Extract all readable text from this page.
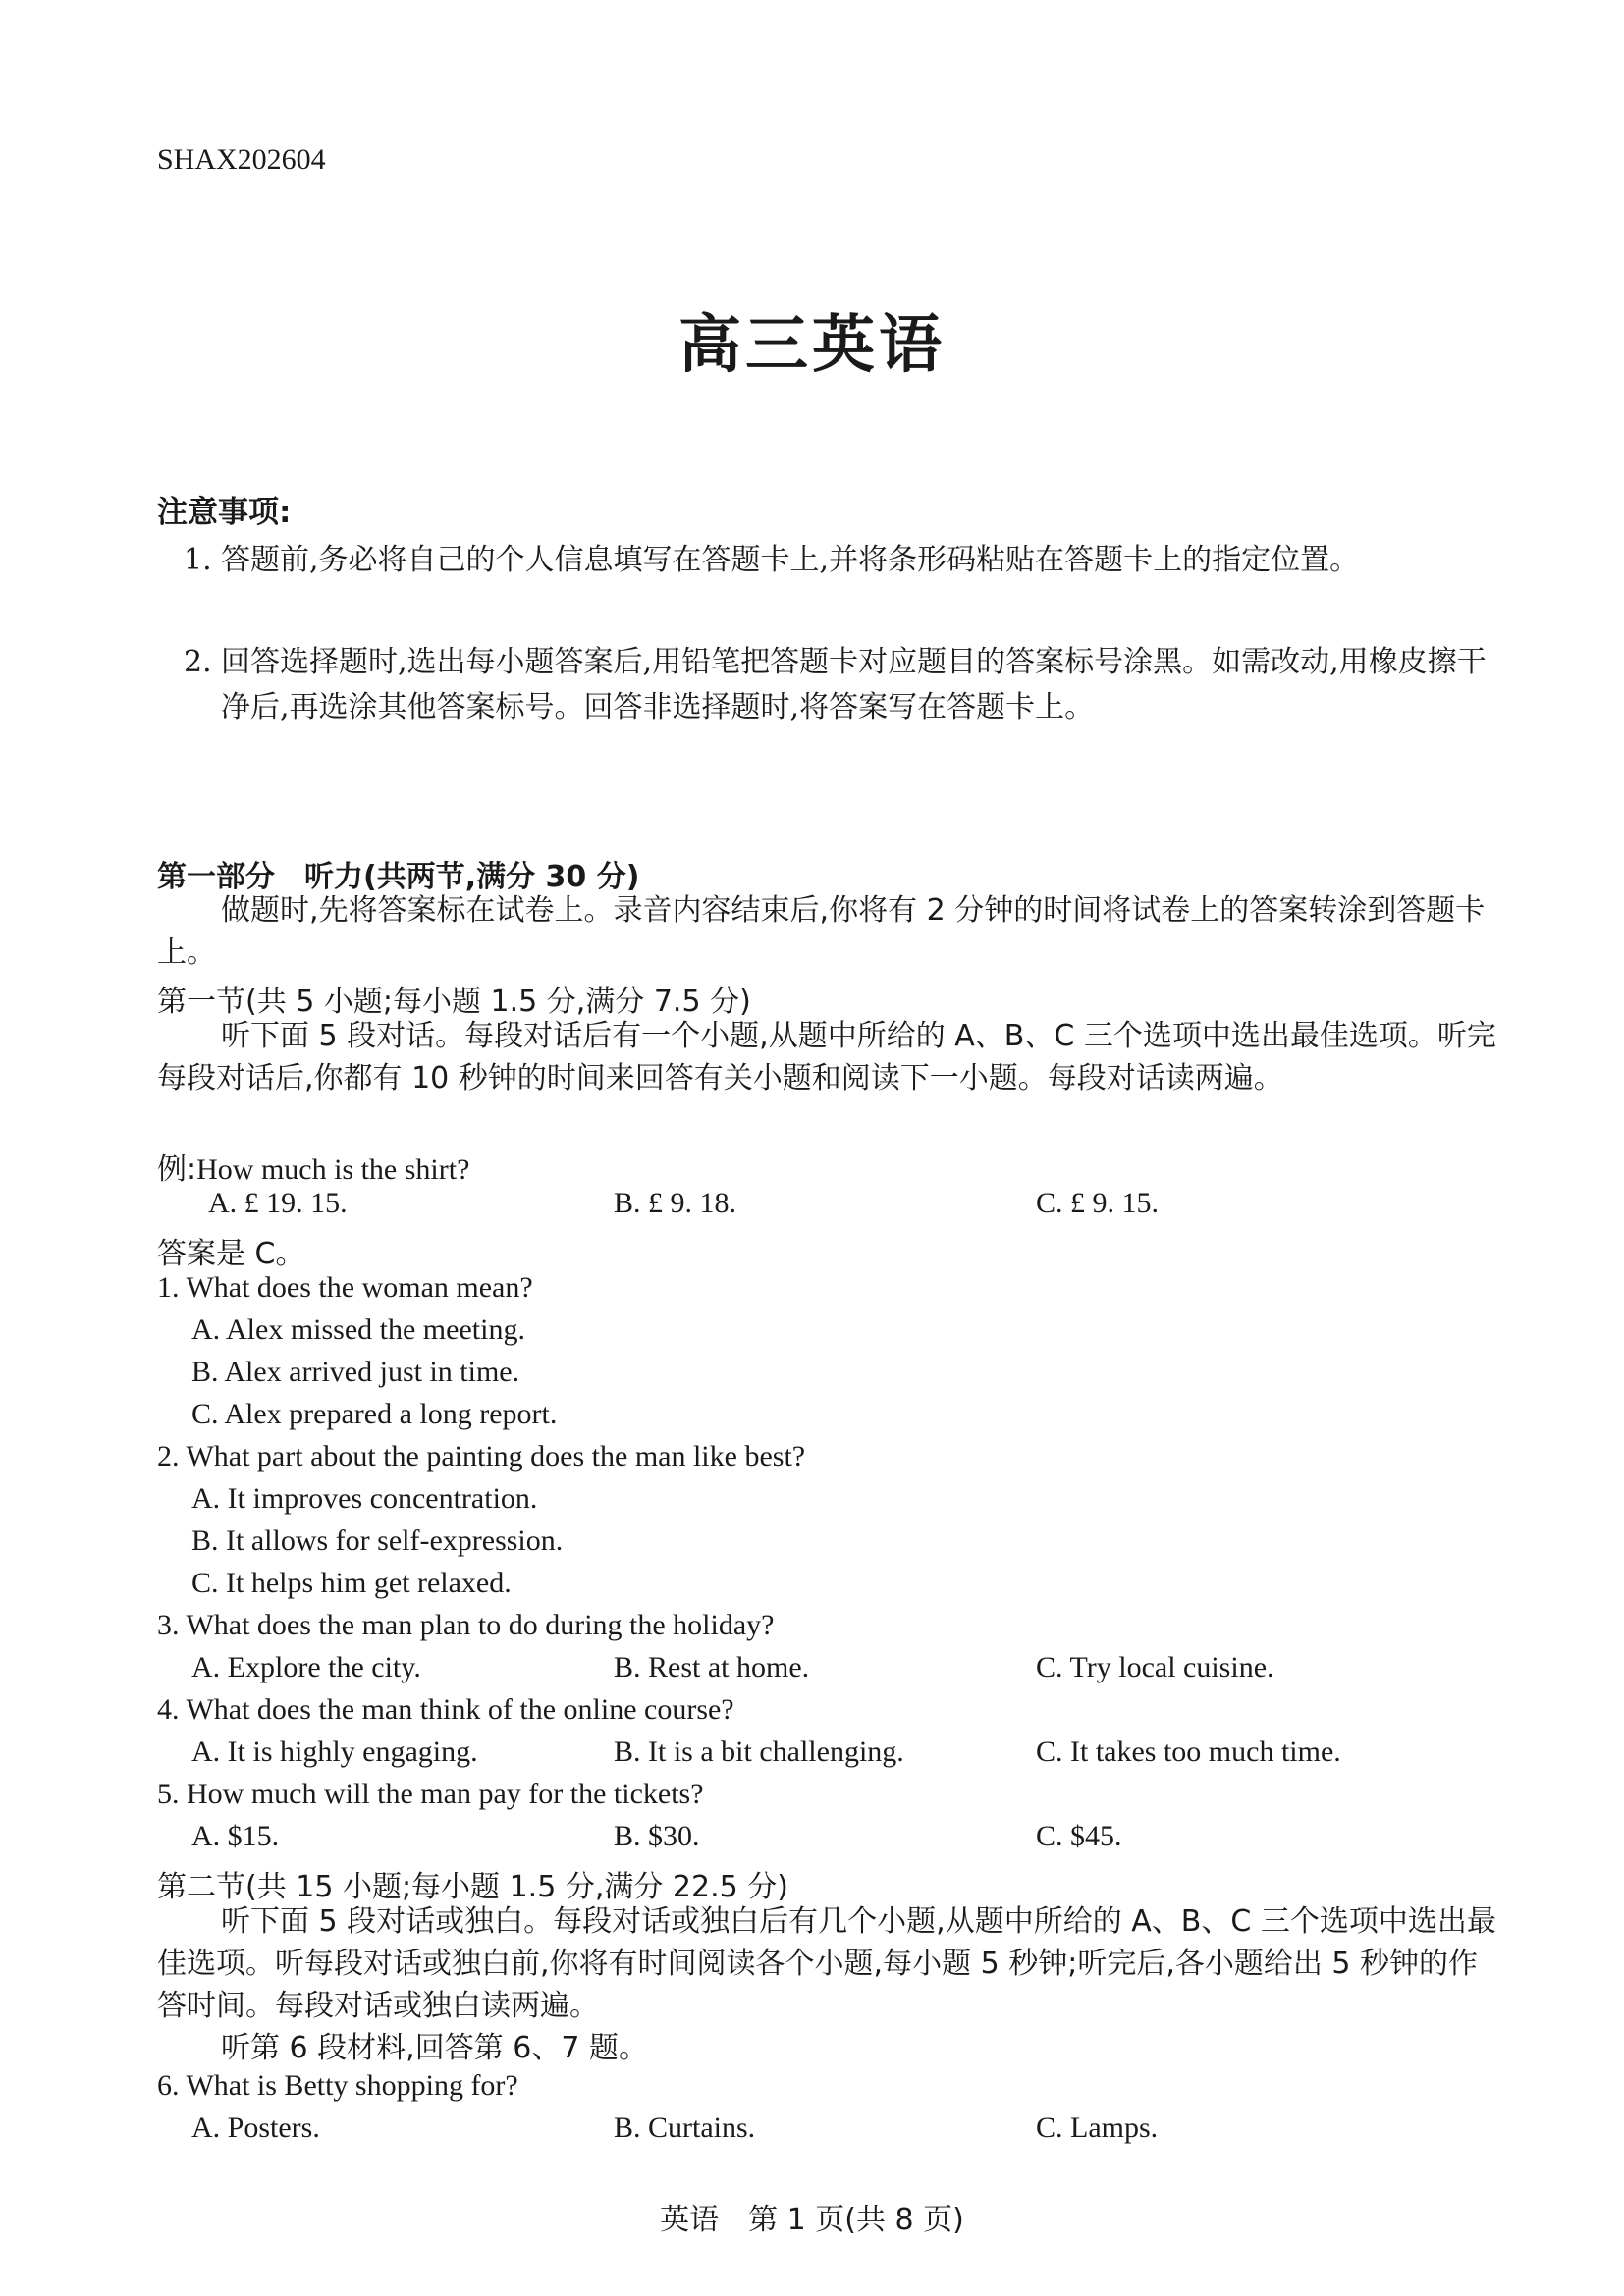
SHAX202604
高三英语
注意事项:
1. 答题前,务必将自己的个人信息填写在答题卡上,并将条形码粘贴在答题卡上的指定位置。
2. 回答选择题时,选出每小题答案后,用铅笔把答题卡对应题目的答案标号涂黑。如需改动,用橡皮擦干净后,再选涂其他答案标号。回答非选择题时,将答案写在答题卡上。
第一部分　听力(共两节,满分 30 分)
做题时,先将答案标在试卷上。录音内容结束后,你将有 2 分钟的时间将试卷上的答案转涂到答题卡上。
第一节(共 5 小题;每小题 1.5 分,满分 7.5 分)
听下面 5 段对话。每段对话后有一个小题,从题中所给的 A、B、C 三个选项中选出最佳选项。听完每段对话后,你都有 10 秒钟的时间来回答有关小题和阅读下一小题。每段对话读两遍。
例:How much is the shirt?
A. £ 19. 15.	B. £ 9. 18.	C. £ 9. 15.
答案是 C。
1. What does the woman mean?
A. Alex missed the meeting.
B. Alex arrived just in time.
C. Alex prepared a long report.
2. What part about the painting does the man like best?
A. It improves concentration.
B. It allows for self-expression.
C. It helps him get relaxed.
3. What does the man plan to do during the holiday?
A. Explore the city.	B. Rest at home.	C. Try local cuisine.
4. What does the man think of the online course?
A. It is highly engaging.	B. It is a bit challenging.	C. It takes too much time.
5. How much will the man pay for the tickets?
A. $15.	B. $30.	C. $45.
第二节(共 15 小题;每小题 1.5 分,满分 22.5 分)
听下面 5 段对话或独白。每段对话或独白后有几个小题,从题中所给的 A、B、C 三个选项中选出最佳选项。听每段对话或独白前,你将有时间阅读各个小题,每小题 5 秒钟;听完后,各小题给出 5 秒钟的作答时间。每段对话或独白读两遍。
听第 6 段材料,回答第 6、7 题。
6. What is Betty shopping for?
A. Posters.	B. Curtains.	C. Lamps.
英语　第 1 页(共 8 页)
